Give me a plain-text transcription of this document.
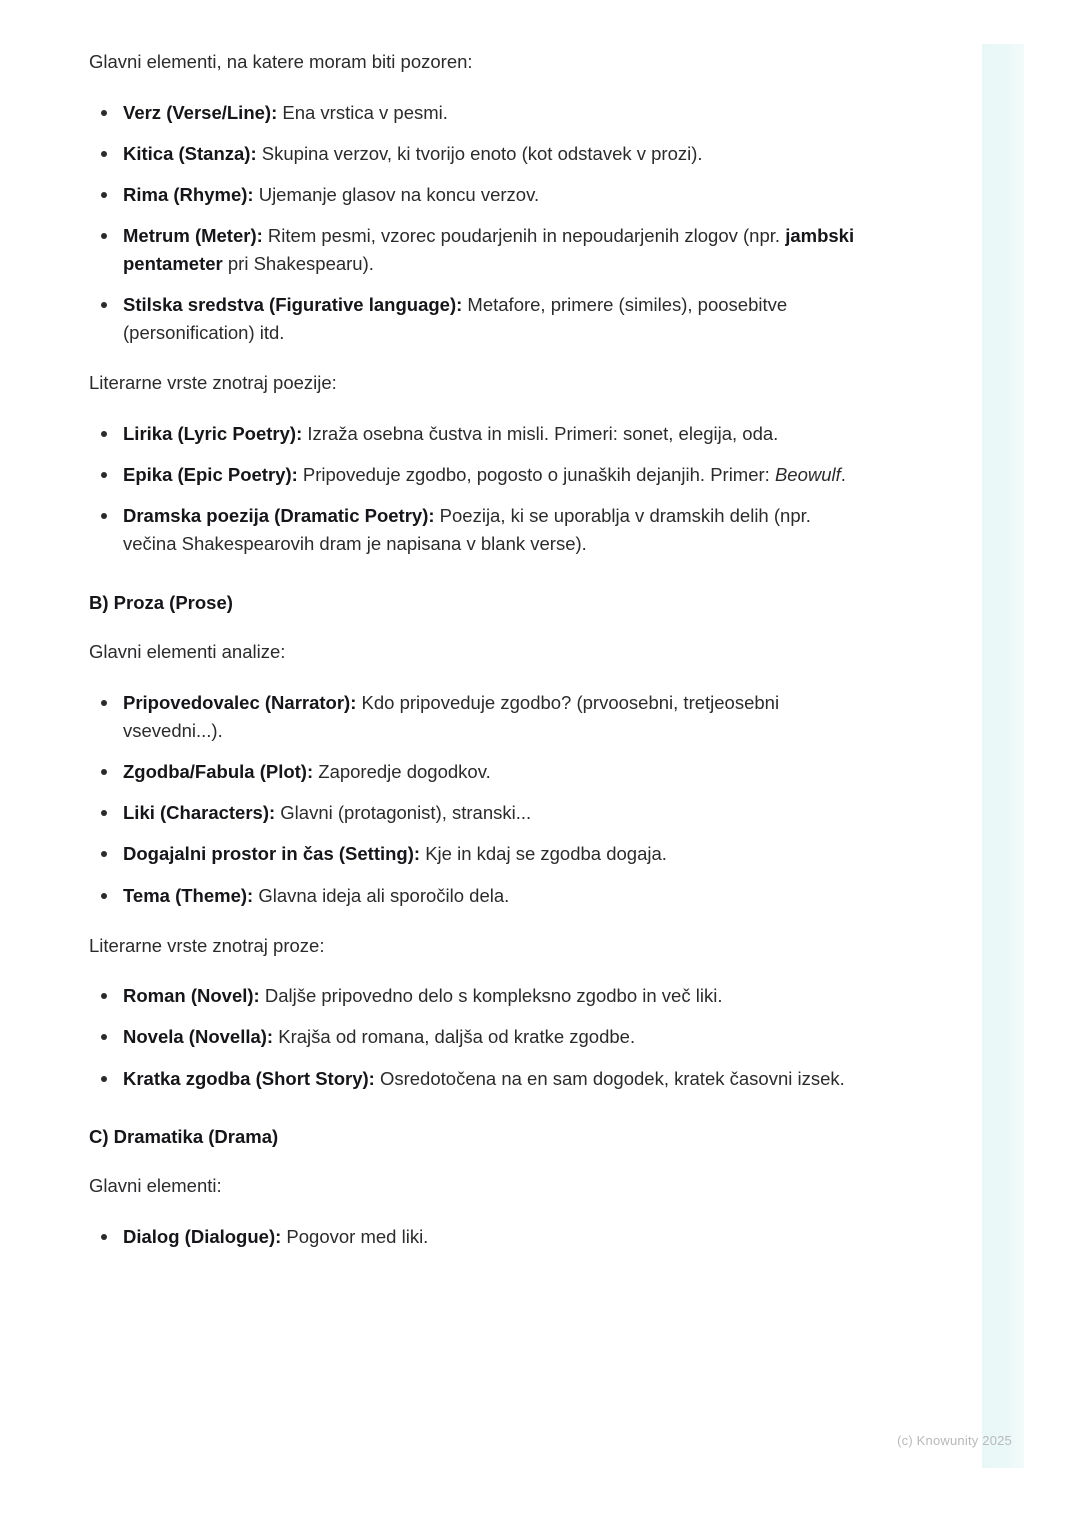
Glavni elementi, na katere moram biti pozoren:

Verz (Verse/Line): Ena vrstica v pesmi.
Kitica (Stanza): Skupina verzov, ki tvorijo enoto (kot odstavek v prozi).
Rima (Rhyme): Ujemanje glasov na koncu verzov.
Metrum (Meter): Ritem pesmi, vzorec poudarjenih in nepoudarjenih zlogov (npr. jambski pentameter pri Shakespearu).
Stilska sredstva (Figurative language): Metafore, primere (similes), poosebitve (personification) itd.

Literarne vrste znotraj poezije:

Lirika (Lyric Poetry): Izraža osebna čustva in misli. Primeri: sonet, elegija, oda.
Epika (Epic Poetry): Pripoveduje zgodbo, pogosto o junaških dejanjih. Primer: Beowulf.
Dramska poezija (Dramatic Poetry): Poezija, ki se uporablja v dramskih delih (npr. večina Shakespearovih dram je napisana v blank verse).
B) Proza (Prose)

Glavni elementi analize:

Pripovedovalec (Narrator): Kdo pripoveduje zgodbo? (prvoosebni, tretjeosebni vsevedni...).
Zgodba/Fabula (Plot): Zaporedje dogodkov.
Liki (Characters): Glavni (protagonist), stranski...
Dogajalni prostor in čas (Setting): Kje in kdaj se zgodba dogaja.
Tema (Theme): Glavna ideja ali sporočilo dela.

Literarne vrste znotraj proze:

Roman (Novel): Daljše pripovedno delo s kompleksno zgodbo in več liki.
Novela (Novella): Krajša od romana, daljša od kratke zgodbe.
Kratka zgodba (Short Story): Osredotočena na en sam dogodek, kratek časovni izsek.
C) Dramatika (Drama)

Glavni elementi:

Dialog (Dialogue): Pogovor med liki.
(c) Knowunity 2025
